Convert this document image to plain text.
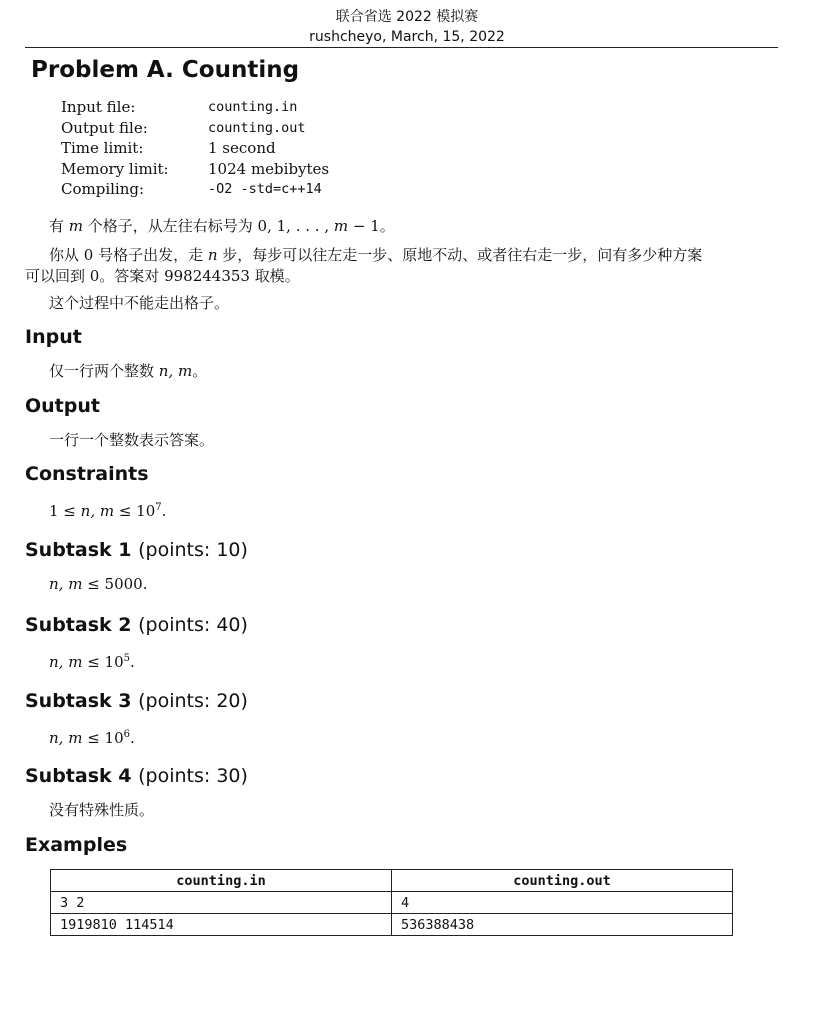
联合省选 2022 模拟赛
rushcheyo, March, 15, 2022
Problem A. Counting
Input file:	counting.in
Output file:	counting.out
Time limit:	1 second
Memory limit:	1024 mebibytes
Compiling:	-O2 -std=c++14
有 m 个格子，从左往右标号为 0, 1, . . . , m − 1。
你从 0 号格子出发，走 n 步，每步可以往左走一步、原地不动、或者往右走一步，问有多少种方案
可以回到 0。答案对 998244353 取模。
这个过程中不能走出格子。
Input
仅一行两个整数 n, m。
Output
一行一个整数表示答案。
Constraints
1 ≤ n, $m \le 10^7$.
Subtask 1 (points: 10)
n, m ≤ 5000.
Subtask 2 (points: 40)
n, $m \le 10^5$.
Subtask 3 (points: 20)
n, $m \le 10^6$.
Subtask 4 (points: 30)
没有特殊性质。
Examples
counting.in	counting.out
3 2	4
1919810 114514	536388438
